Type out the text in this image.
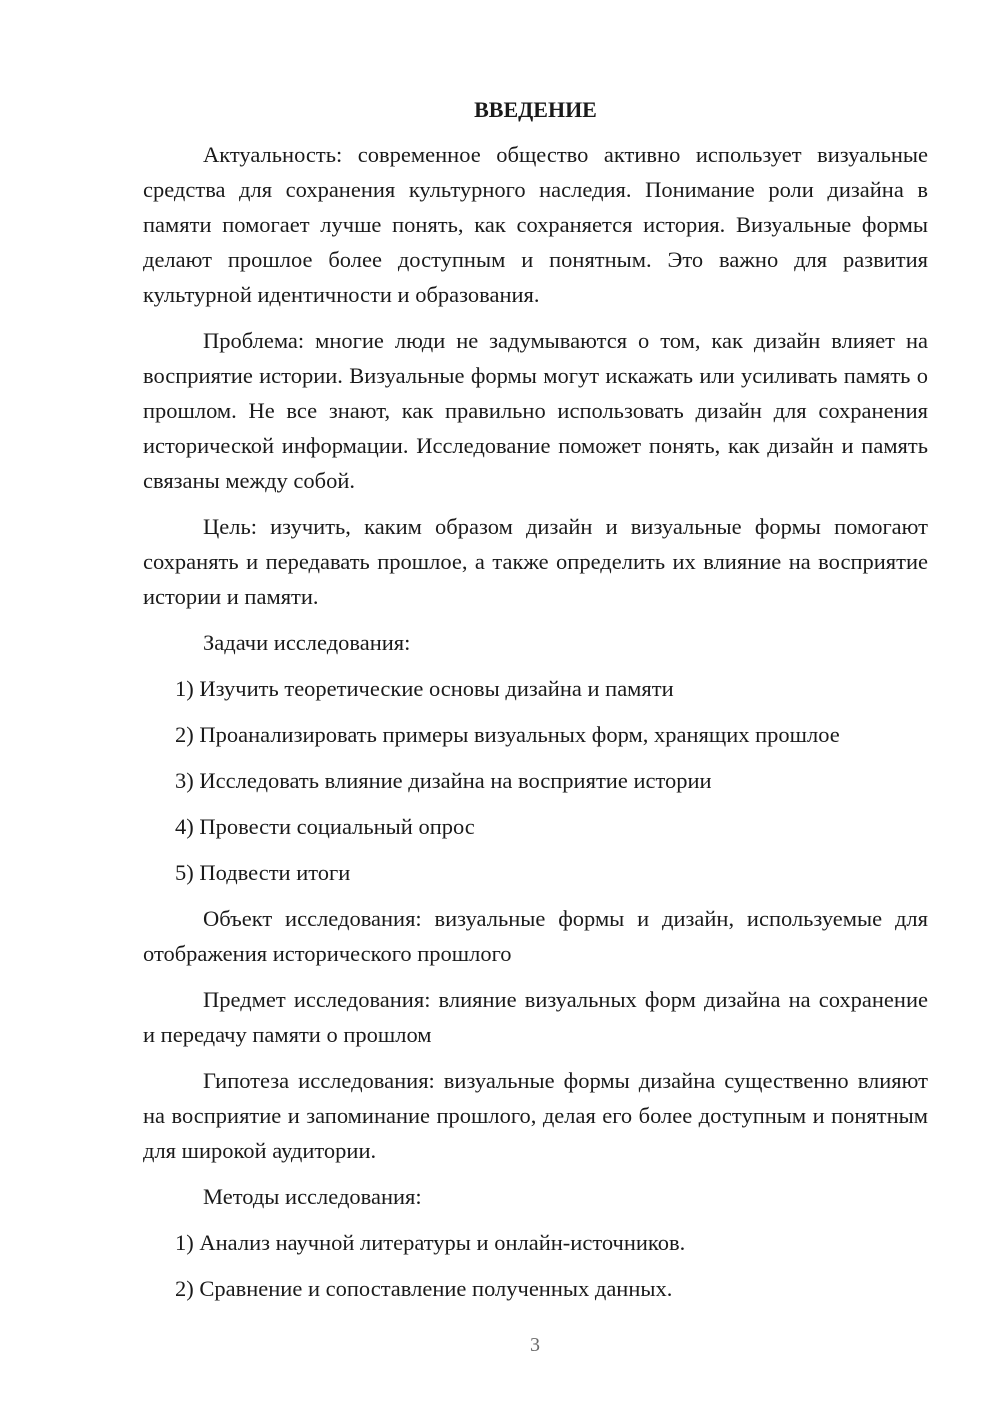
ВВЕДЕНИЕ

Актуальность: современное общество активно использует визуальные средства для сохранения культурного наследия. Понимание роли дизайна в памяти помогает лучше понять, как сохраняется история. Визуальные формы делают прошлое более доступным и понятным. Это важно для развития культурной идентичности и образования.

Проблема: многие люди не задумываются о том, как дизайн влияет на восприятие истории. Визуальные формы могут искажать или усиливать память о прошлом. Не все знают, как правильно использовать дизайн для сохранения исторической информации. Исследование поможет понять, как дизайн и память связаны между собой.

Цель: изучить, каким образом дизайн и визуальные формы помогают сохранять и передавать прошлое, а также определить их влияние на восприятие истории и памяти.

Задачи исследования:

1) Изучить теоретические основы дизайна и памяти

2) Проанализировать примеры визуальных форм, хранящих прошлое

3) Исследовать влияние дизайна на восприятие истории

4) Провести социальный опрос

5) Подвести итоги

Объект исследования: визуальные формы и дизайн, используемые для отображения исторического прошлого

Предмет исследования: влияние визуальных форм дизайна на сохранение и передачу памяти о прошлом

Гипотеза исследования: визуальные формы дизайна существенно влияют на восприятие и запоминание прошлого, делая его более доступным и понятным для широкой аудитории.

Методы исследования:

1) Анализ научной литературы и онлайн-источников.

2) Сравнение и сопоставление полученных данных.

3
